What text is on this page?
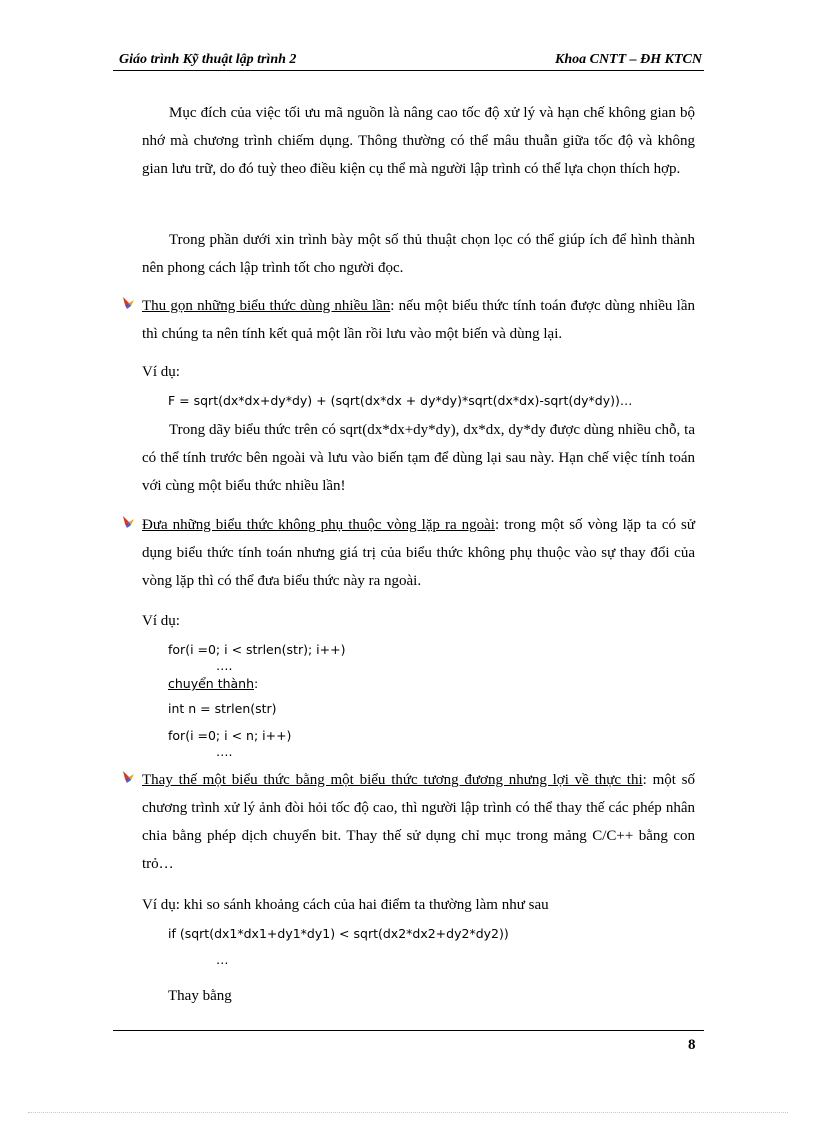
Giáo trình Kỹ thuật lập trình 2	Khoa CNTT – ĐH KTCN
Mục đích của việc tối ưu mã nguồn là nâng cao tốc độ xử lý và hạn chế không gian bộ nhớ mà chương trình chiếm dụng. Thông thường có thể mâu thuẫn giữa tốc độ và không gian lưu trữ, do đó tuỳ theo điều kiện cụ thể mà người lập trình có thể lựa chọn thích hợp.
Trong phần dưới xin trình bày một số thủ thuật chọn lọc có thể giúp ích để hình thành nên phong cách lập trình tốt cho người đọc.
Thu gọn những biểu thức dùng nhiều lần: nếu một biểu thức tính toán được dùng nhiều lần thì chúng ta nên tính kết quả một lần rồi lưu vào một biến và dùng lại.
Ví dụ:
F = sqrt(dx*dx+dy*dy) + (sqrt(dx*dx + dy*dy)*sqrt(dx*dx)-sqrt(dy*dy))…
Trong dãy biểu thức trên có sqrt(dx*dx+dy*dy), dx*dx, dy*dy được dùng nhiều chỗ, ta có thể tính trước bên ngoài và lưu vào biến tạm để dùng lại sau này. Hạn chế việc tính toán với cùng một biểu thức nhiều lần!
Đưa những biểu thức không phụ thuộc vòng lặp ra ngoài: trong một số vòng lặp ta có sử dụng biểu thức tính toán nhưng giá trị của biểu thức không phụ thuộc vào sự thay đổi của vòng lặp thì có thể đưa biểu thức này ra ngoài.
Ví dụ:
for(i =0; i < strlen(str); i++)
….
chuyển thành:
int n = strlen(str)
for(i =0; i < n; i++)
….
Thay thế một biểu thức bằng một biểu thức tương đương nhưng lợi về thực thi: một số chương trình xử lý ảnh đòi hỏi tốc độ cao, thì người lập trình có thể thay thế các phép nhân chia bằng phép dịch chuyển bit. Thay thế sử dụng chỉ mục trong mảng C/C++ bằng con trỏ…
Ví dụ: khi so sánh khoảng cách của hai điểm ta thường làm như sau
if (sqrt(dx1*dx1+dy1*dy1) < sqrt(dx2*dx2+dy2*dy2))
…
Thay bằng
8
